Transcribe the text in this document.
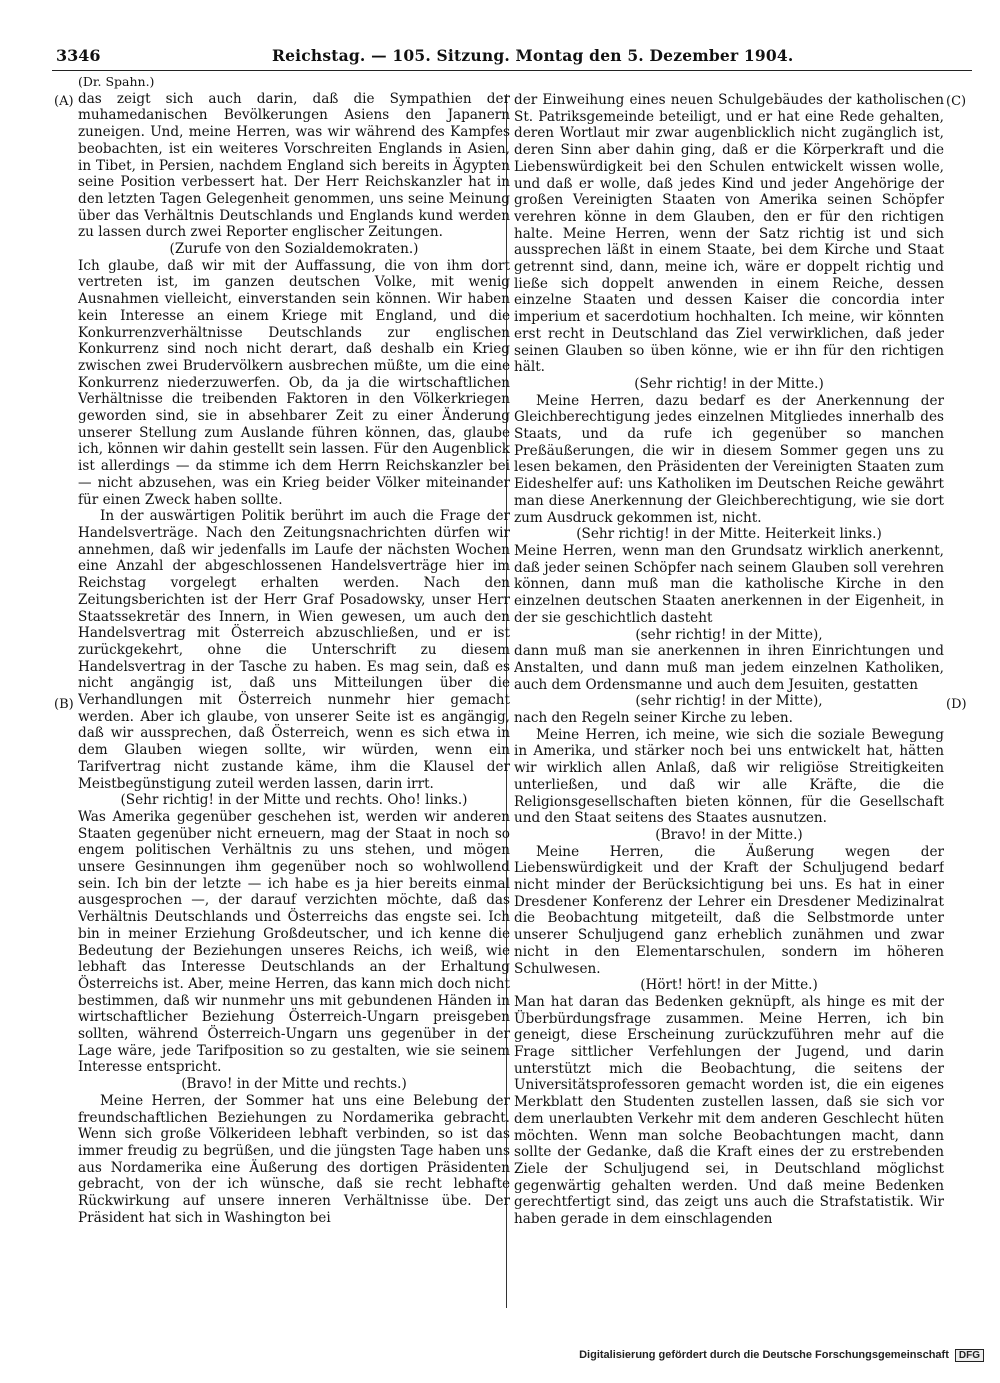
3346	Reichstag. — 105. Sitzung. Montag den 5. Dezember 1904.
(A)
(B)
(C)
(D)

(Dr. Spahn.)

das zeigt sich auch darin, daß die Sympathien der muhamedanischen Bevölkerungen Asiens den Japanern zuneigen. Und, meine Herren, was wir während des Kampfes beobachten, ist ein weiteres Vorschreiten Englands in Asien, in Tibet, in Persien, nachdem England sich bereits in Ägypten seine Position verbessert hat. Der Herr Reichskanzler hat in den letzten Tagen Gelegenheit genommen, uns seine Meinung über das Verhältnis Deutschlands und Englands kund werden zu lassen durch zwei Reporter englischer Zeitungen.

(Zurufe von den Sozialdemokraten.)

Ich glaube, daß wir mit der Auffassung, die von ihm dort vertreten ist, im ganzen deutschen Volke, mit wenig Ausnahmen vielleicht, einverstanden sein können. Wir haben kein Interesse an einem Kriege mit England, und die Konkurrenzverhältnisse Deutschlands zur englischen Konkurrenz sind noch nicht derart, daß deshalb ein Krieg zwischen zwei Brudervölkern ausbrechen müßte, um die eine Konkurrenz niederzuwerfen. Ob, da ja die wirtschaftlichen Verhältnisse die treibenden Faktoren in den Völkerkriegen geworden sind, sie in absehbarer Zeit zu einer Änderung unserer Stellung zum Auslande führen können, das, glaube ich, können wir dahin gestellt sein lassen. Für den Augenblick ist allerdings — da stimme ich dem Herrn Reichskanzler bei — nicht abzusehen, was ein Krieg beider Völker miteinander für einen Zweck haben sollte.

In der auswärtigen Politik berührt im auch die Frage der Handelsverträge. Nach den Zeitungsnachrichten dürfen wir annehmen, daß wir jedenfalls im Laufe der nächsten Wochen eine Anzahl der abgeschlossenen Handelsverträge hier im Reichstag vorgelegt erhalten werden. Nach den Zeitungsberichten ist der Herr Graf Posadowsky, unser Herr Staatssekretär des Innern, in Wien gewesen, um auch den Handelsvertrag mit Österreich abzuschließen, und er ist zurückgekehrt, ohne die Unterschrift zu diesem Handelsvertrag in der Tasche zu haben. Es mag sein, daß es nicht angängig ist, daß uns Mitteilungen über die Verhandlungen mit Österreich nunmehr hier gemacht werden. Aber ich glaube, von unserer Seite ist es angängig, daß wir aussprechen, daß Österreich, wenn es sich etwa in dem Glauben wiegen sollte, wir würden, wenn ein Tarifvertrag nicht zustande käme, ihm die Klausel der Meistbegünstigung zuteil werden lassen, darin irrt.

(Sehr richtig! in der Mitte und rechts. Oho! links.)

Was Amerika gegenüber geschehen ist, werden wir anderen Staaten gegenüber nicht erneuern, mag der Staat in noch so engem politischen Verhältnis zu uns stehen, und mögen unsere Gesinnungen ihm gegenüber noch so wohlwollend sein. Ich bin der letzte — ich habe es ja hier bereits einmal ausgesprochen —, der darauf verzichten möchte, daß das Verhältnis Deutschlands und Österreichs das engste sei. Ich bin in meiner Erziehung Großdeutscher, und ich kenne die Bedeutung der Beziehungen unseres Reichs, ich weiß, wie lebhaft das Interesse Deutschlands an der Erhaltung Österreichs ist. Aber, meine Herren, das kann mich doch nicht bestimmen, daß wir nunmehr uns mit gebundenen Händen in wirtschaftlicher Beziehung Österreich-Ungarn preisgeben sollten, während Österreich-Ungarn uns gegenüber in der Lage wäre, jede Tarifposition so zu gestalten, wie sie seinem Interesse entspricht.

(Bravo! in der Mitte und rechts.)

Meine Herren, der Sommer hat uns eine Belebung der freundschaftlichen Beziehungen zu Nordamerika gebracht. Wenn sich große Völkerideen lebhaft verbinden, so ist das immer freudig zu begrüßen, und die jüngsten Tage haben uns aus Nordamerika eine Äußerung des dortigen Präsidenten gebracht, von der ich wünsche, daß sie recht lebhafte Rückwirkung auf unsere inneren Verhältnisse übe. Der Präsident hat sich in Washington bei

der Einweihung eines neuen Schulgebäudes der katholischen St. Patriksgemeinde beteiligt, und er hat eine Rede gehalten, deren Wortlaut mir zwar augenblicklich nicht zugänglich ist, deren Sinn aber dahin ging, daß er die Körperkraft und die Liebenswürdigkeit bei den Schulen entwickelt wissen wolle, und daß er wolle, daß jedes Kind und jeder Angehörige der großen Vereinigten Staaten von Amerika seinen Schöpfer verehren könne in dem Glauben, den er für den richtigen halte. Meine Herren, wenn der Satz richtig ist und sich aussprechen läßt in einem Staate, bei dem Kirche und Staat getrennt sind, dann, meine ich, wäre er doppelt richtig und ließe sich doppelt anwenden in einem Reiche, dessen einzelne Staaten und dessen Kaiser die concordia inter imperium et sacerdotium hochhalten. Ich meine, wir könnten erst recht in Deutschland das Ziel verwirklichen, daß jeder seinen Glauben so üben könne, wie er ihn für den richtigen hält.

(Sehr richtig! in der Mitte.)

Meine Herren, dazu bedarf es der Anerkennung der Gleichberechtigung jedes einzelnen Mitgliedes innerhalb des Staats, und da rufe ich gegenüber so manchen Preßäußerungen, die wir in diesem Sommer gegen uns zu lesen bekamen, den Präsidenten der Vereinigten Staaten zum Eideshelfer auf: uns Katholiken im Deutschen Reiche gewährt man diese Anerkennung der Gleichberechtigung, wie sie dort zum Ausdruck gekommen ist, nicht.

(Sehr richtig! in der Mitte. Heiterkeit links.)

Meine Herren, wenn man den Grundsatz wirklich anerkennt, daß jeder seinen Schöpfer nach seinem Glauben soll verehren können, dann muß man die katholische Kirche in den einzelnen deutschen Staaten anerkennen in der Eigenheit, in der sie geschichtlich dasteht

(sehr richtig! in der Mitte),

dann muß man sie anerkennen in ihren Einrichtungen und Anstalten, und dann muß man jedem einzelnen Katholiken, auch dem Ordensmanne und auch dem Jesuiten, gestatten

(sehr richtig! in der Mitte),

nach den Regeln seiner Kirche zu leben.

Meine Herren, ich meine, wie sich die soziale Bewegung in Amerika, und stärker noch bei uns entwickelt hat, hätten wir wirklich allen Anlaß, daß wir religiöse Streitigkeiten unterließen, und daß wir alle Kräfte, die die Religionsgesellschaften bieten können, für die Gesellschaft und den Staat seitens des Staates ausnutzen.

(Bravo! in der Mitte.)

Meine Herren, die Äußerung wegen der Liebenswürdigkeit und der Kraft der Schuljugend bedarf nicht minder der Berücksichtigung bei uns. Es hat in einer Dresdener Konferenz der Lehrer ein Dresdener Medizinalrat die Beobachtung mitgeteilt, daß die Selbstmorde unter unserer Schuljugend ganz erheblich zunähmen und zwar nicht in den Elementarschulen, sondern im höheren Schulwesen.

(Hört! hört! in der Mitte.)

Man hat daran das Bedenken geknüpft, als hinge es mit der Überbürdungsfrage zusammen. Meine Herren, ich bin geneigt, diese Erscheinung zurückzuführen mehr auf die Frage sittlicher Verfehlungen der Jugend, und darin unterstützt mich die Beobachtung, die seitens der Universitätsprofessoren gemacht worden ist, die ein eigenes Merkblatt den Studenten zustellen lassen, daß sie sich vor dem unerlaubten Verkehr mit dem anderen Geschlecht hüten möchten. Wenn man solche Beobachtungen macht, dann sollte der Gedanke, daß die Kraft eines der zu erstrebenden Ziele der Schuljugend sei, in Deutschland möglichst gegenwärtig gehalten werden. Und daß meine Bedenken gerechtfertigt sind, das zeigt uns auch die Strafstatistik. Wir haben gerade in dem einschlagenden

Digitalisierung gefördert durch die Deutsche Forschungsgemeinschaft DFG
